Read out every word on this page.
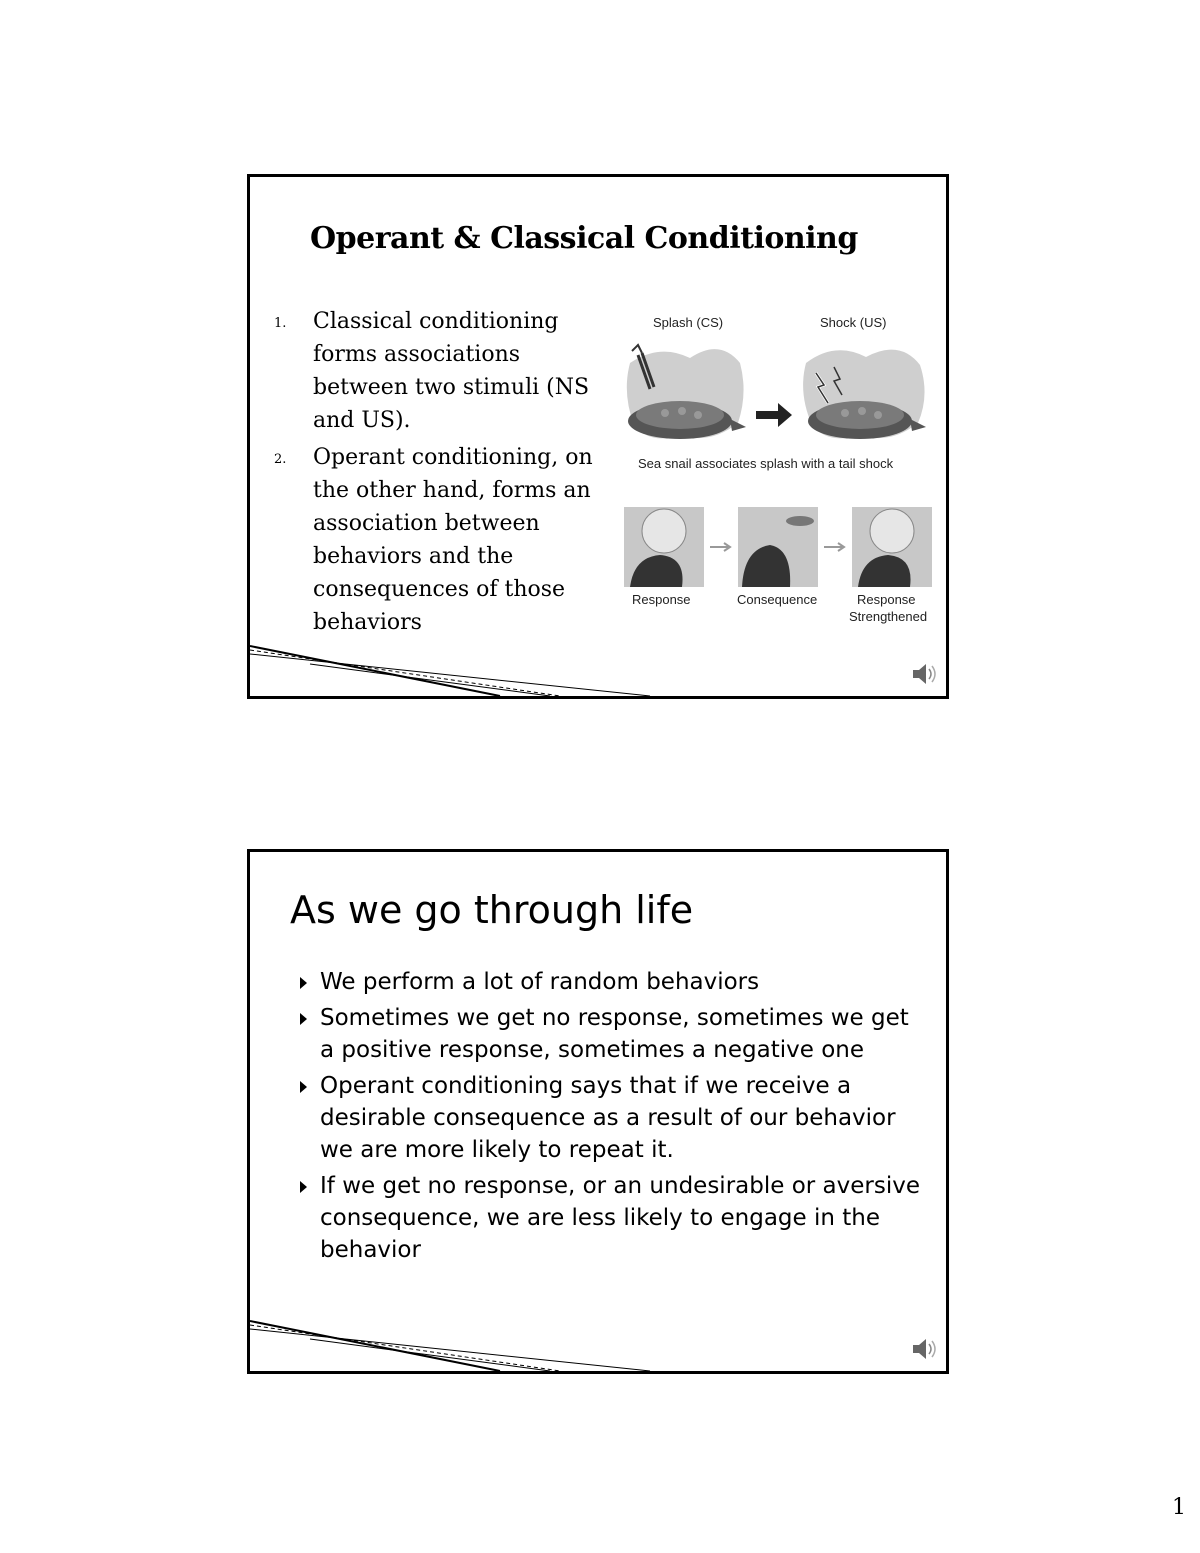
Operant & Classical Conditioning
1. Classical conditioning forms associations between two stimuli (NS and US).
2. Operant conditioning, on the other hand, forms an association between behaviors and the consequences of those behaviors
Splash (CS)	Shock (US)
Sea snail associates splash with a tail shock
Response	Consequence	Response
Strengthened
As we go through life
We perform a lot of random behaviors
Sometimes we get no response, sometimes we get a positive response, sometimes a negative one
Operant conditioning says that if we receive a desirable consequence as a result of our behavior we are more likely to repeat it.
If we get no response, or an undesirable or aversive consequence, we are less likely to engage in the behavior
1
